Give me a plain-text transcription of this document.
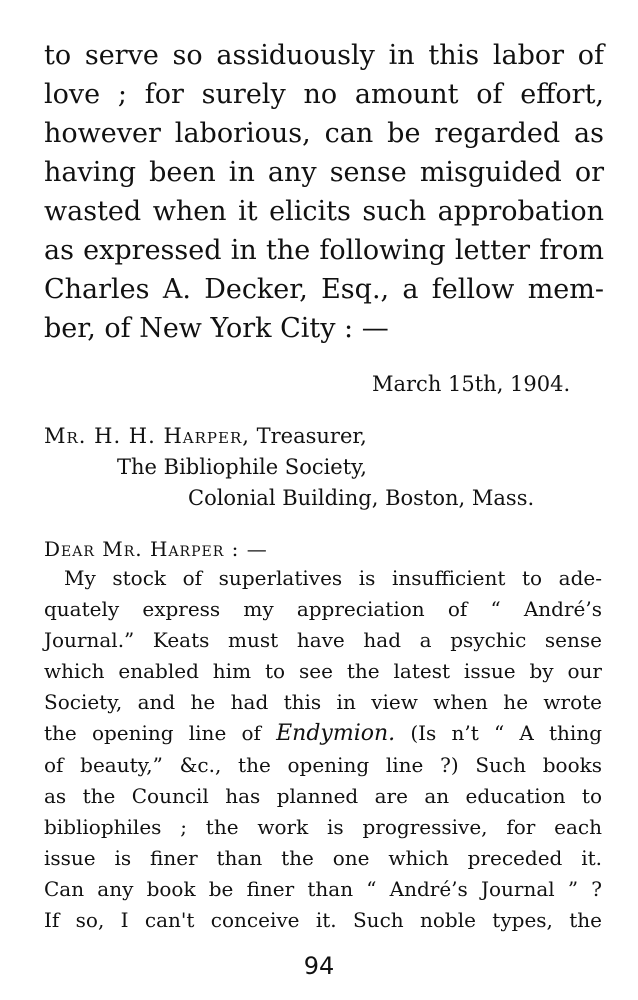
to serve so assiduously in this labor of

love ; for surely no amount of effort,

however laborious, can be regarded as

having been in any sense misguided or

wasted when it elicits such approbation

as expressed in the following letter from

Charles A. Decker, Esq., a fellow mem-

ber, of New York City : —

March 15th, 1904.

Mr. H. H. Harper, Treasurer,

The Bibliophile Society,

Colonial Building, Boston, Mass.

Dear Mr. Harper : —

My stock of superlatives is insufficient to ade-

quately express my appreciation of “ André’s

Journal.” Keats must have had a psychic sense

which enabled him to see the latest issue by our

Society, and he had this in view when he wrote

the opening line of Endymion. (Is n’t “ A thing

of beauty,” &c., the opening line ?) Such books

as the Council has planned are an education to

bibliophiles ; the work is progressive, for each

issue is finer than the one which preceded it.

Can any book be finer than “ André’s Journal ” ?

If so, I can't conceive it. Such noble types, the

94
